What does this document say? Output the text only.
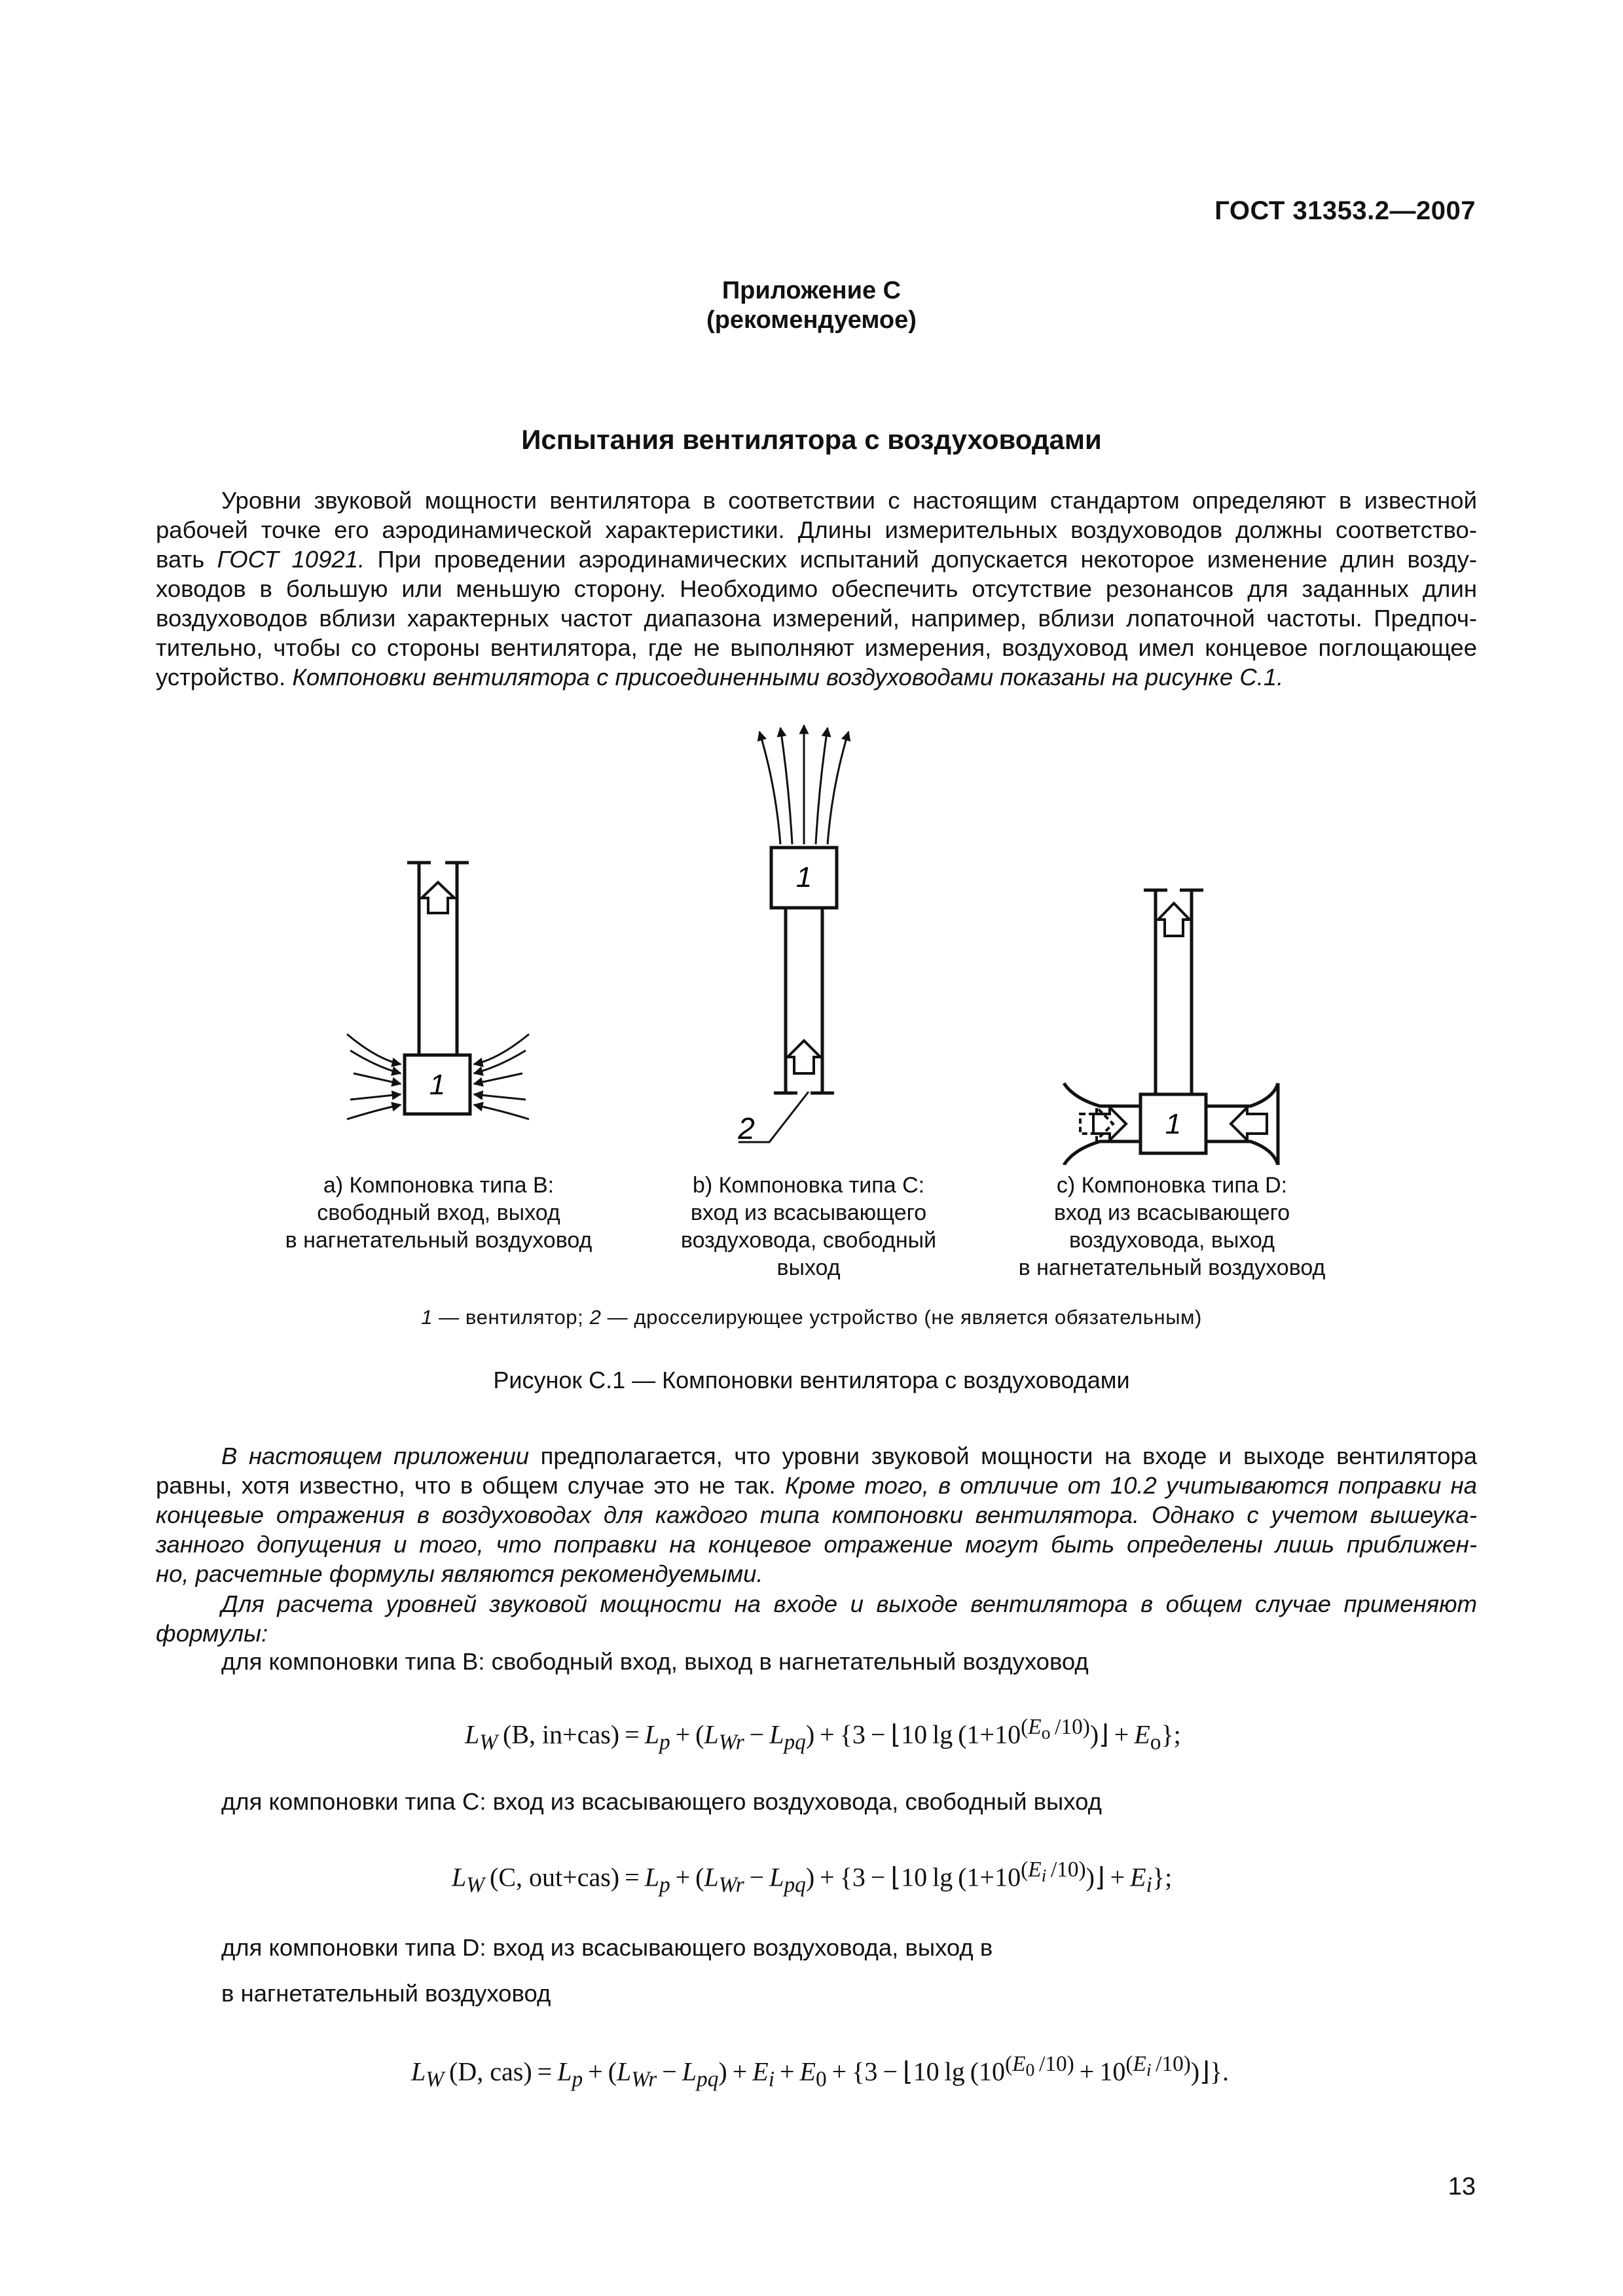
ГОСТ 31353.2—2007
Приложение С
(рекомендуемое)
Испытания вентилятора с воздуховодами
Уровни звуковой мощности вентилятора в соответствии с настоящим стандартом определяют в известной
рабочей точке его аэродинамической характеристики. Длины измерительных воздуховодов должны соответство-
вать ГОСТ 10921. При проведении аэродинамических испытаний допускается некоторое изменение длин возду-
ховодов в большую или меньшую сторону. Необходимо обеспечить отсутствие резонансов для заданных длин
воздуховодов вблизи характерных частот диапазона измерений, например, вблизи лопаточной частоты. Предпоч-
тительно, чтобы со стороны вентилятора, где не выполняют измерения, воздуховод имел концевое поглощающее
устройство. Компоновки вентилятора с присоединенными воздуховодами показаны на рисунке С.1.
1
1
1
2
a) Компоновка типа В:
свободный вход, выход
в нагнетательный воздуховод
b) Компоновка типа С:
вход из всасывающего
воздуховода, свободный
выход
c) Компоновка типа D:
вход из всасывающего
воздуховода, выход
в нагнетательный воздуховод
1 — вентилятор; 2 — дросселирующее устройство (не является обязательным)
Рисунок С.1 — Компоновки вентилятора с воздуховодами
В настоящем приложении предполагается, что уровни звуковой мощности на входе и выходе вентилятора
равны, хотя известно, что в общем случае это не так. Кроме того, в отличие от 10.2 учитываются поправки на
концевые отражения в воздуховодах для каждого типа компоновки вентилятора. Однако с учетом вышеука-
занного допущения и того, что поправки на концевое отражение могут быть определены лишь приближен-
но, расчетные формулы являются рекомендуемыми.
Для расчета уровней звуковой мощности на входе и выходе вентилятора в общем случае применяют
формулы:
для компоновки типа В: свободный вход, выход в нагнетательный воздуховод
$L_W$ (B, $in+cas) = L_p + (L_{Wr} - L_{pq}) + \{3$ − ⌊10 $\lg (1+10^{(E_o /10)})⌋ + E_o$};
для компоновки типа С: вход из всасывающего воздуховода, свободный выход
$L_W$ (C, $out+cas) = L_p + (L_{Wr} - L_{pq}) + \{3$ − ⌊10 $\lg (1+10^{(E_i /10)})⌋ + E_i$};
для компоновки типа D: вход из всасывающего воздуховода, выход в
в нагнетательный воздуховод
$L_W$ (D, $cas) = L_p + (L_{Wr} - L_{pq}) + E_i + E_0 + \{3$ − ⌊10 $\lg (10^{(E_0 /10)}$ + $10^{(E_i /10)})⌋$}.
13
